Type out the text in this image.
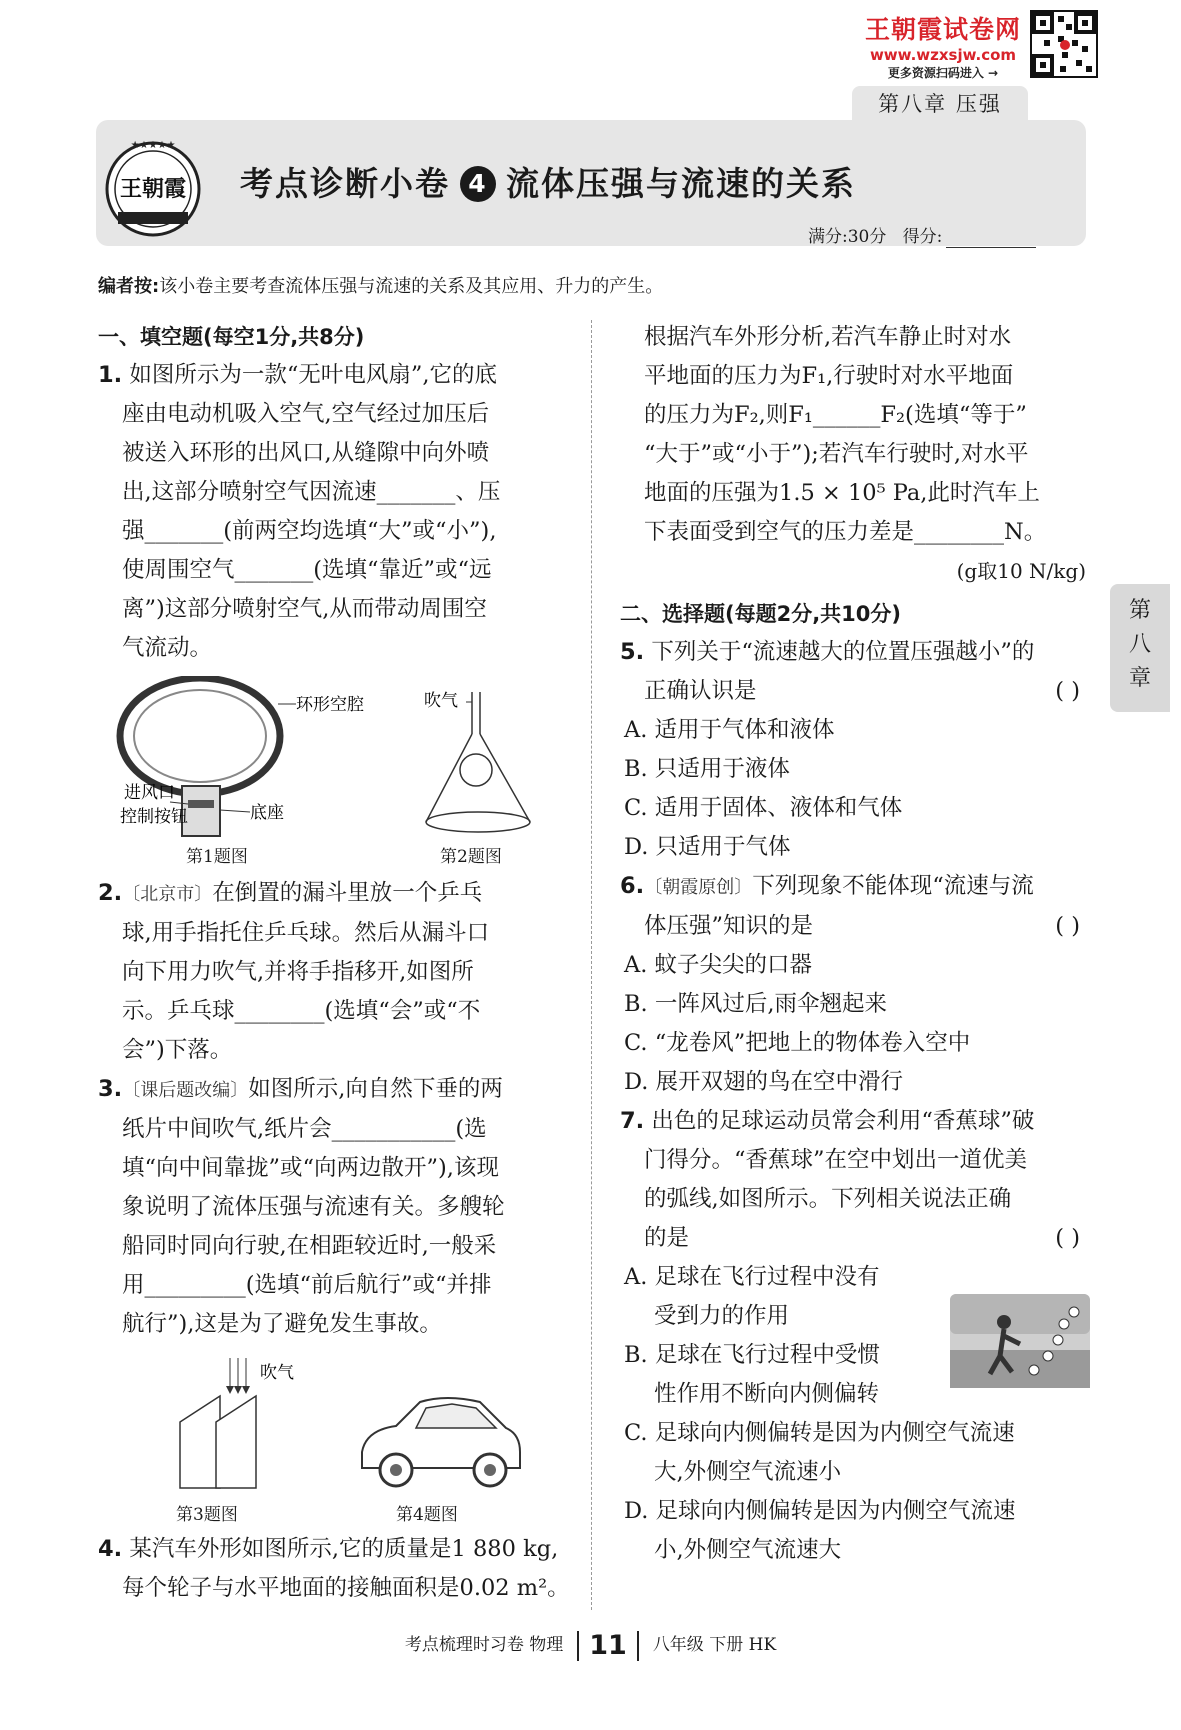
王朝霞试卷网
www.wzxsjw.com
更多资源扫码进入 →
第八章 压强
★★★★★
王朝霞 考点诊断小卷 4 流体压强与流速的关系
满分:30分 得分:
编者按:该小卷主要考查流体压强与流速的关系及其应用、升力的产生。
一、填空题(每空1分,共8分)

1. 如图所示为一款“无叶电风扇”,它的底

座由电动机吸入空气,空气经过加压后

被送入环形的出风口,从缝隙中向外喷

出,这部分喷射空气因流速_______、压

强_______(前两空均选填“大”或“小”),

使周围空气_______(选填“靠近”或“远

离”)这部分喷射空气,从而带动周围空

气流动。

环形空腔
进风口
控制按钮	底座
第1题图
吹气
第2题图

2.〔北京市〕在倒置的漏斗里放一个乒乓

球,用手指托住乒乓球。然后从漏斗口

向下用力吹气,并将手指移开,如图所

示。乒乓球________(选填“会”或“不

会”)下落。

3.〔课后题改编〕如图所示,向自然下垂的两

纸片中间吹气,纸片会___________(选

填“向中间靠拢”或“向两边散开”),该现

象说明了流体压强与流速有关。多艘轮

船同时同向行驶,在相距较近时,一般采

用_________(选填“前后航行”或“并排

航行”),这是为了避免发生事故。

吹气
第3题图	第4题图

4. 某汽车外形如图所示,它的质量是1 880 kg,

每个轮子与水平地面的接触面积是0.02 m²。

根据汽车外形分析,若汽车静止时对水

平地面的压力为F₁,行驶时对水平地面

的压力为F₂,则F₁______F₂(选填“等于”

“大于”或“小于”);若汽车行驶时,对水平

地面的压强为1.5 × 10⁵ Pa,此时汽车上

下表面受到空气的压力差是________N。

(g取10 N/kg)

二、选择题(每题2分,共10分)

5. 下列关于“流速越大的位置压强越小”的

正确认识是	( )

A. 适用于气体和液体

B. 只适用于液体

C. 适用于固体、液体和气体

D. 只适用于气体

6.〔朝霞原创〕下列现象不能体现“流速与流

体压强”知识的是	( )

A. 蚊子尖尖的口器

B. 一阵风过后,雨伞翘起来

C. “龙卷风”把地上的物体卷入空中

D. 展开双翅的鸟在空中滑行

7. 出色的足球运动员常会利用“香蕉球”破

门得分。“香蕉球”在空中划出一道优美

的弧线,如图所示。下列相关说法正确

的是	( )

A. 足球在飞行过程中没有

受到力的作用

B. 足球在飞行过程中受惯

性作用不断向内侧偏转

C. 足球向内侧偏转是因为内侧空气流速

大,外侧空气流速小

D. 足球向内侧偏转是因为内侧空气流速

小,外侧空气流速大

第
八
章
考点梳理时习卷 物理 11 八年级 下册 HK
